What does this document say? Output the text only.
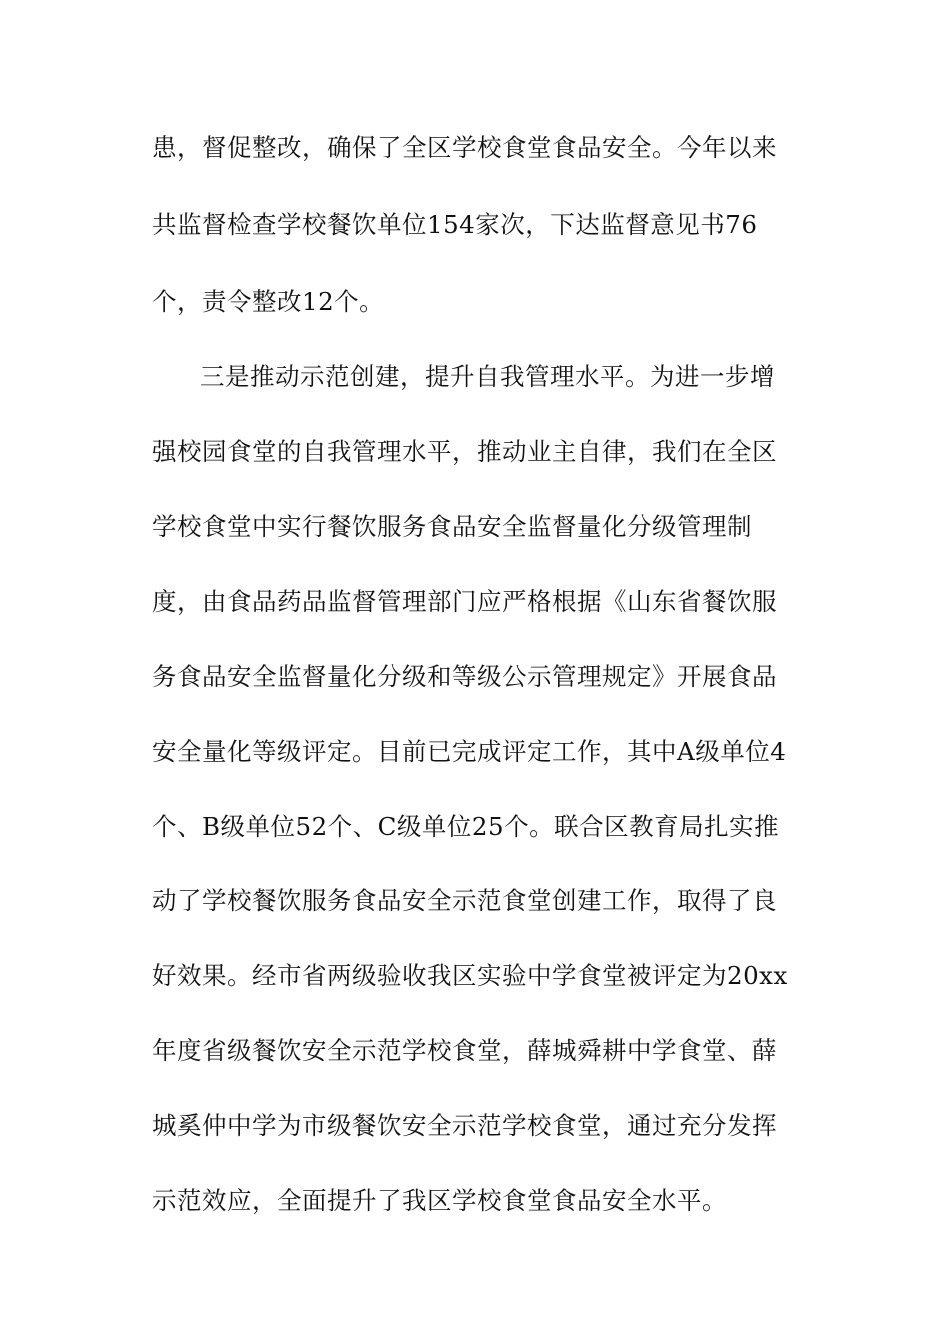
患，督促整改，确保了全区学校食堂食品安全。今年以来
共监督检查学校餐饮单位154家次，下达监督意见书76
个，责令整改12个。
三是推动示范创建，提升自我管理水平。为进一步增
强校园食堂的自我管理水平，推动业主自律，我们在全区
学校食堂中实行餐饮服务食品安全监督量化分级管理制
度，由食品药品监督管理部门应严格根据《山东省餐饮服
务食品安全监督量化分级和等级公示管理规定》开展食品
安全量化等级评定。目前已完成评定工作，其中A级单位4
个、B级单位52个、C级单位25个。联合区教育局扎实推
动了学校餐饮服务食品安全示范食堂创建工作，取得了良
好效果。经市省两级验收我区实验中学食堂被评定为20xx
年度省级餐饮安全示范学校食堂，薛城舜耕中学食堂、薛
城奚仲中学为市级餐饮安全示范学校食堂，通过充分发挥
示范效应，全面提升了我区学校食堂食品安全水平。
